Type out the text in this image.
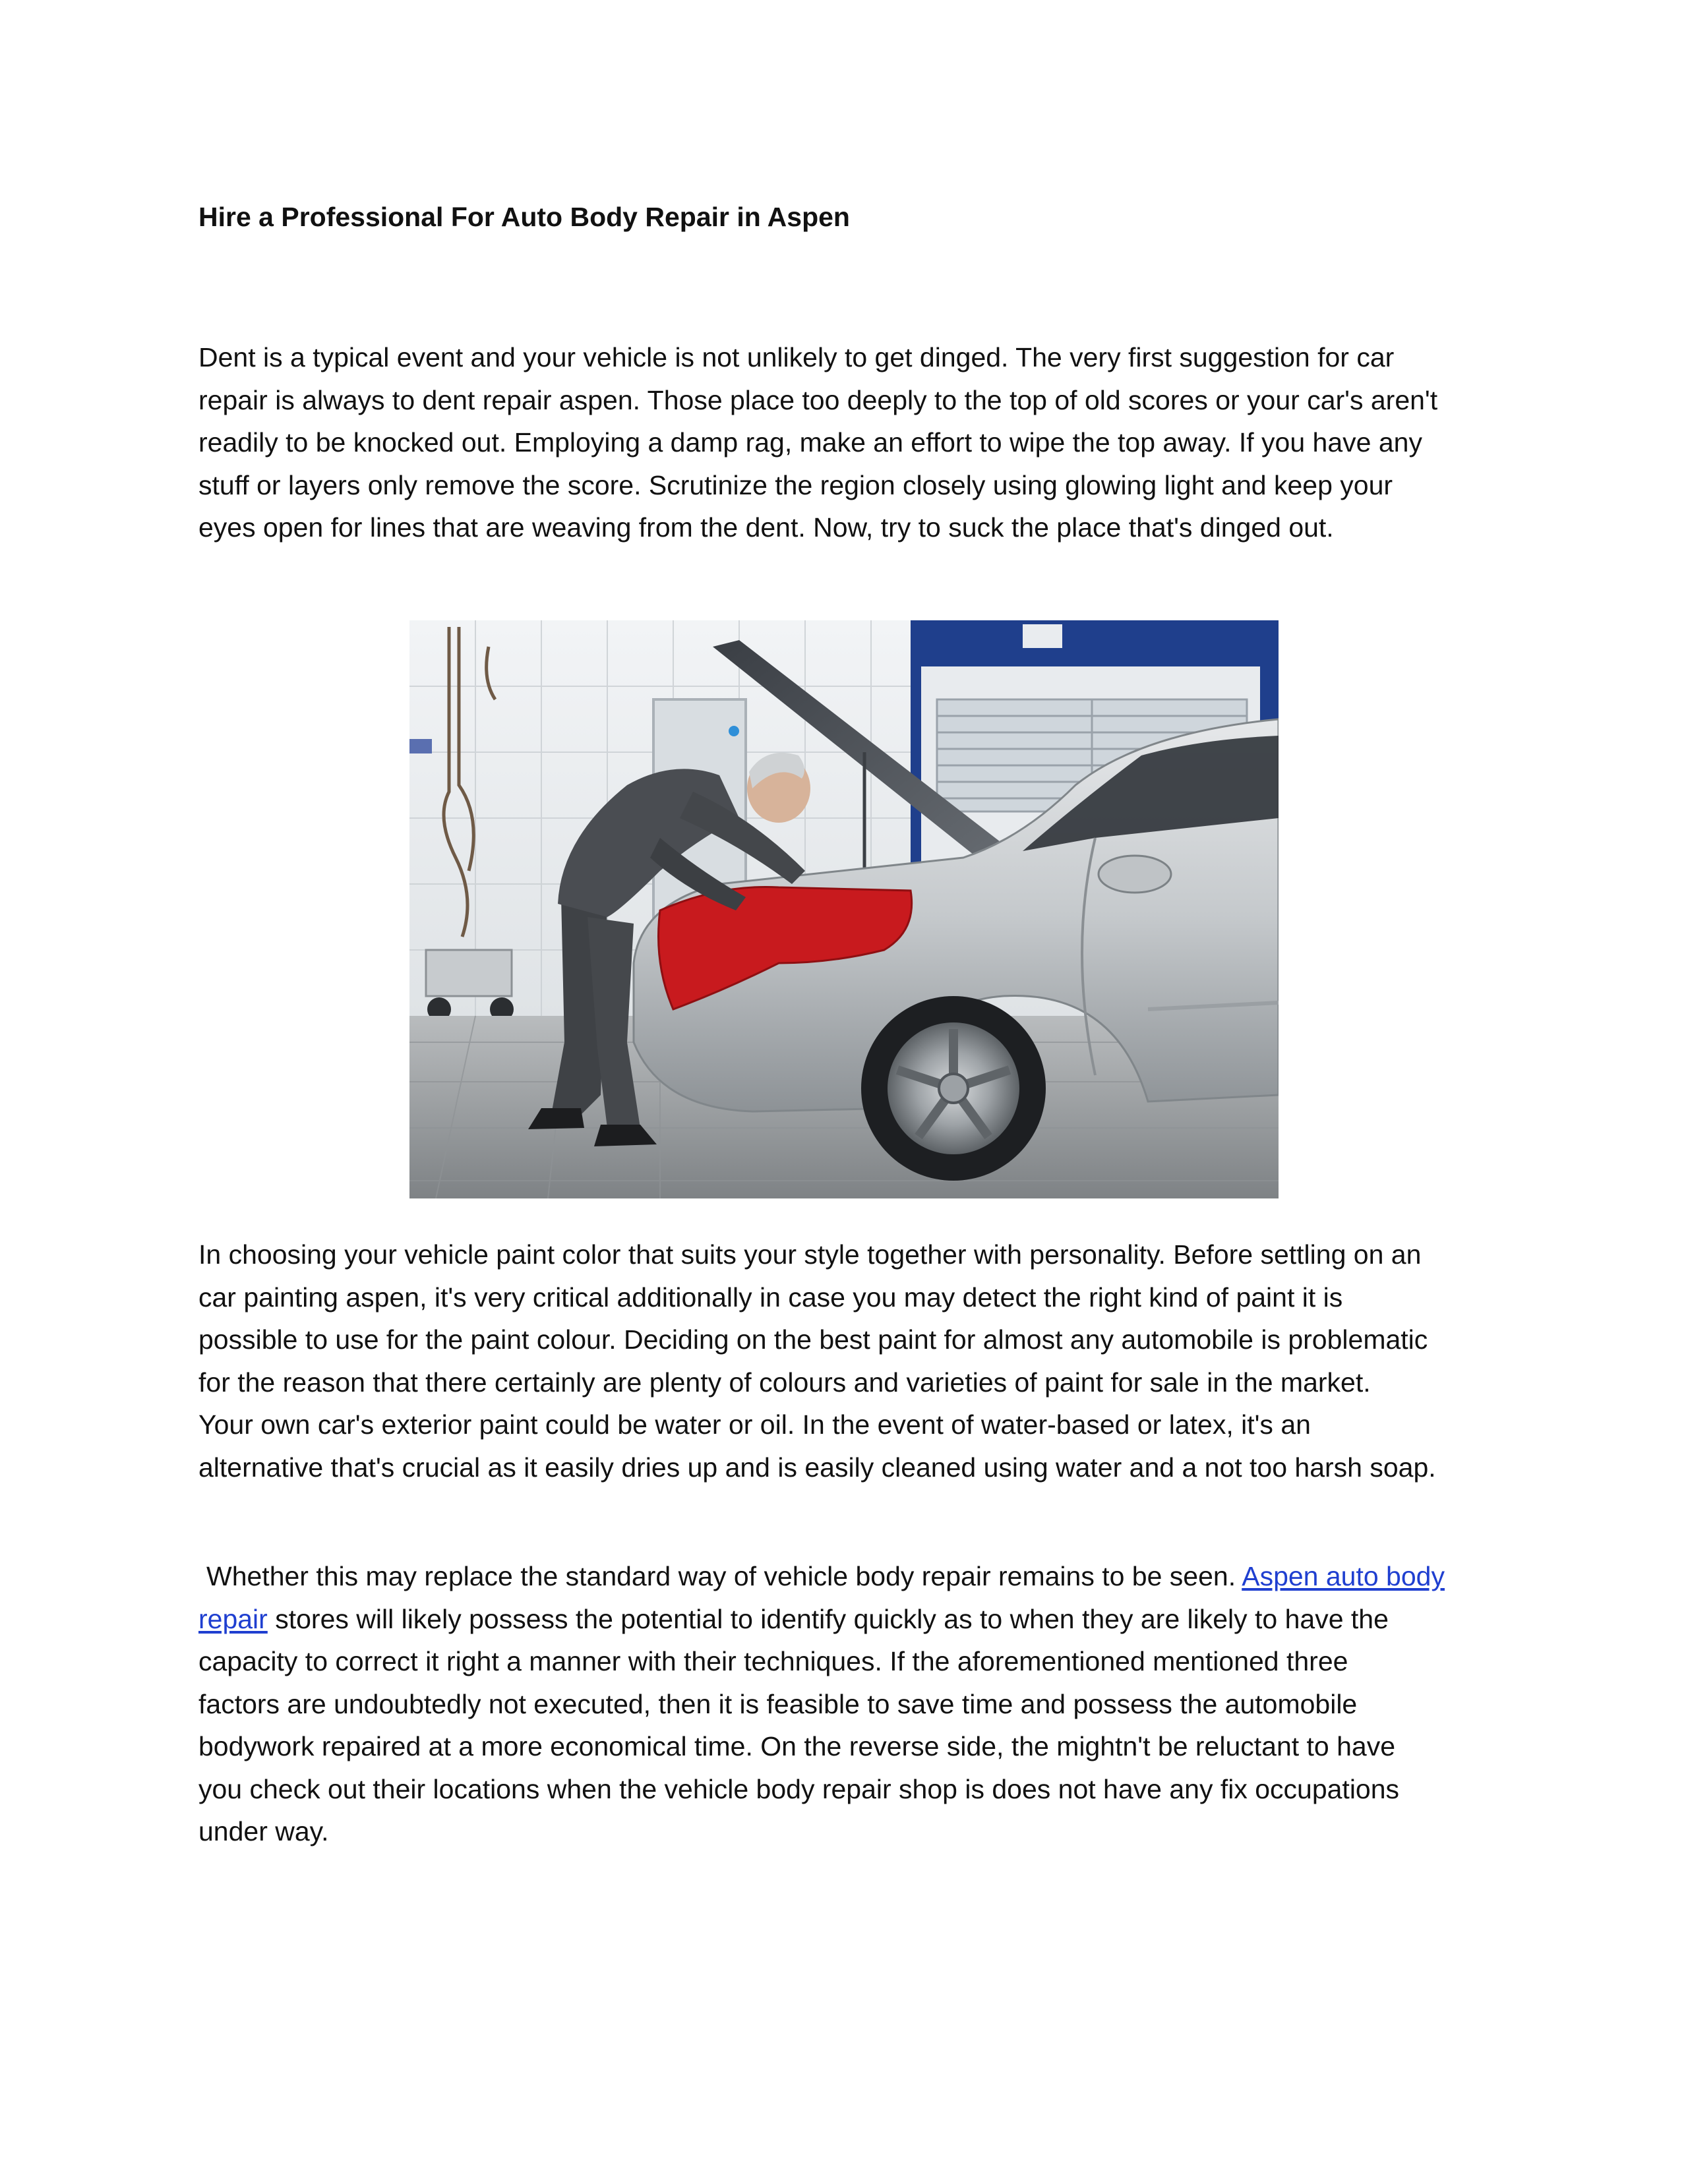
Hire a Professional For Auto Body Repair in Aspen

Dent is a typical event and your vehicle is not unlikely to get dinged. The very first suggestion for car
repair is always to dent repair aspen. Those place too deeply to the top of old scores or your car's aren't
readily to be knocked out. Employing a damp rag, make an effort to wipe the top away. If you have any
stuff or layers only remove the score. Scrutinize the region closely using glowing light and keep your
eyes open for lines that are weaving from the dent. Now, try to suck the place that's dinged out.

In choosing your vehicle paint color that suits your style together with personality. Before settling on an
car painting aspen, it's very critical additionally in case you may detect the right kind of paint it is
possible to use for the paint colour. Deciding on the best paint for almost any automobile is problematic
for the reason that there certainly are plenty of colours and varieties of paint for sale in the market.
Your own car's exterior paint could be water or oil. In the event of water-based or latex, it's an
alternative that's crucial as it easily dries up and is easily cleaned using water and a not too harsh soap.

Whether this may replace the standard way of vehicle body repair remains to be seen. Aspen auto body
repair stores will likely possess the potential to identify quickly as to when they are likely to have the
capacity to correct it right a manner with their techniques. If the aforementioned mentioned three
factors are undoubtedly not executed, then it is feasible to save time and possess the automobile
bodywork repaired at a more economical time. On the reverse side, the mightn't be reluctant to have
you check out their locations when the vehicle body repair shop is does not have any fix occupations
under way.
